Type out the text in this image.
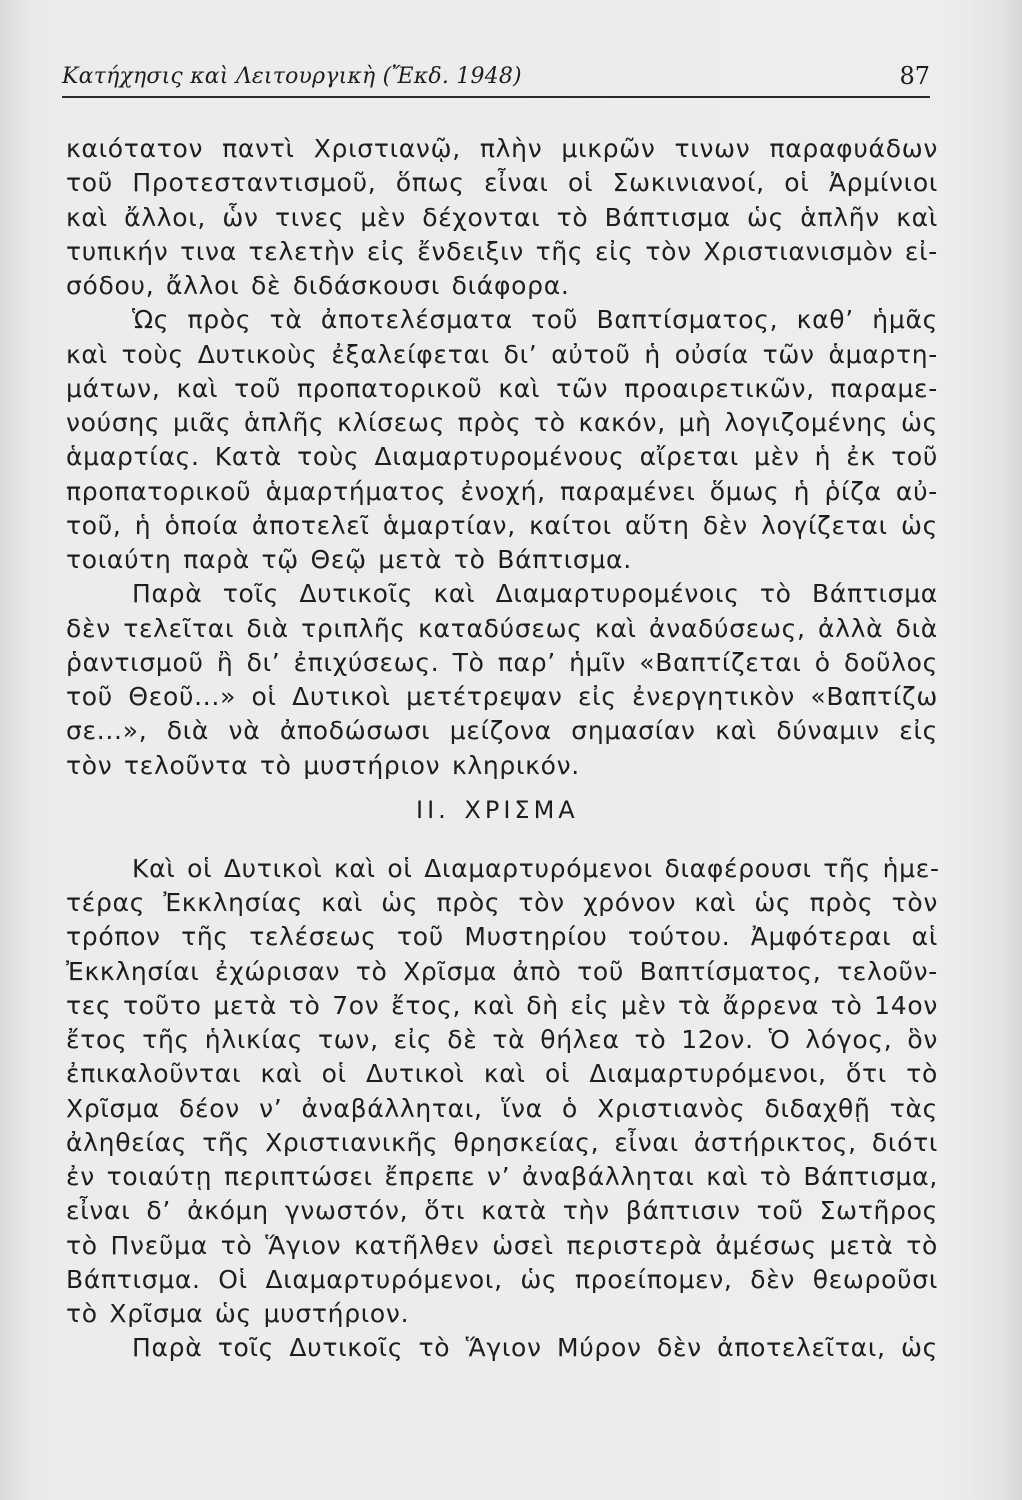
Κατήχησις καὶ Λειτουργικὴ (Ἔκδ. 1948)	87
καιότατον παντὶ Χριστιανῷ, πλὴν μικρῶν τινων παραφυάδων
τοῦ Προτεσταντισμοῦ, ὅπως εἶναι οἱ Σωκινιανοί, οἱ Ἀρμίνιοι
καὶ ἄλλοι, ὧν τινες μὲν δέχονται τὸ Βάπτισμα ὡς ἁπλῆν καὶ
τυπικήν τινα τελετὴν εἰς ἔνδειξιν τῆς εἰς τὸν Χριστιανισμὸν εἰ-
σόδου, ἄλλοι δὲ διδάσκουσι διάφορα.
Ὡς πρὸς τὰ ἀποτελέσματα τοῦ Βαπτίσματος, καθ’ ἡμᾶς
καὶ τοὺς Δυτικοὺς ἐξαλείφεται δι’ αὐτοῦ ἡ οὐσία τῶν ἁμαρτη-
μάτων, καὶ τοῦ προπατορικοῦ καὶ τῶν προαιρετικῶν, παραμε-
νούσης μιᾶς ἁπλῆς κλίσεως πρὸς τὸ κακόν, μὴ λογιζομένης ὡς
ἁμαρτίας. Κατὰ τοὺς Διαμαρτυρομένους αἴρεται μὲν ἡ ἐκ τοῦ
προπατορικοῦ ἁμαρτήματος ἐνοχή, παραμένει ὅμως ἡ ῥίζα αὐ-
τοῦ, ἡ ὁποία ἀποτελεῖ ἁμαρτίαν, καίτοι αὕτη δὲν λογίζεται ὡς
τοιαύτη παρὰ τῷ Θεῷ μετὰ τὸ Βάπτισμα.
Παρὰ τοῖς Δυτικοῖς καὶ Διαμαρτυρομένοις τὸ Βάπτισμα
δὲν τελεῖται διὰ τριπλῆς καταδύσεως καὶ ἀναδύσεως, ἀλλὰ διὰ
ῥαντισμοῦ ἢ δι’ ἐπιχύσεως. Τὸ παρ’ ἡμῖν «Βαπτίζεται ὁ δοῦλος
τοῦ Θεοῦ...» οἱ Δυτικοὶ μετέτρεψαν εἰς ἐνεργητικὸν «Βαπτίζω
σε...», διὰ νὰ ἀποδώσωσι μείζονα σημασίαν καὶ δύναμιν εἰς
τὸν τελοῦντα τὸ μυστήριον κληρικόν.
ΙΙ. ΧΡΙΣΜΑ
Καὶ οἱ Δυτικοὶ καὶ οἱ Διαμαρτυρόμενοι διαφέρουσι τῆς ἡμε-
τέρας Ἐκκλησίας καὶ ὡς πρὸς τὸν χρόνον καὶ ὡς πρὸς τὸν
τρόπον τῆς τελέσεως τοῦ Μυστηρίου τούτου. Ἀμφότεραι αἱ
Ἐκκλησίαι ἐχώρισαν τὸ Χρῖσμα ἀπὸ τοῦ Βαπτίσματος, τελοῦν-
τες τοῦτο μετὰ τὸ 7ον ἔτος, καὶ δὴ εἰς μὲν τὰ ἄρρενα τὸ 14ον
ἔτος τῆς ἡλικίας των, εἰς δὲ τὰ θήλεα τὸ 12ον. Ὁ λόγος, ὃν
ἐπικαλοῦνται καὶ οἱ Δυτικοὶ καὶ οἱ Διαμαρτυρόμενοι, ὅτι τὸ
Χρῖσμα δέον ν’ ἀναβάλληται, ἵνα ὁ Χριστιανὸς διδαχθῇ τὰς
ἀληθείας τῆς Χριστιανικῆς θρησκείας, εἶναι ἀστήρικτος, διότι
ἐν τοιαύτῃ περιπτώσει ἔπρεπε ν’ ἀναβάλληται καὶ τὸ Βάπτισμα,
εἶναι δ’ ἀκόμη γνωστόν, ὅτι κατὰ τὴν βάπτισιν τοῦ Σωτῆρος
τὸ Πνεῦμα τὸ Ἅγιον κατῆλθεν ὡσεὶ περιστερὰ ἀμέσως μετὰ τὸ
Βάπτισμα. Οἱ Διαμαρτυρόμενοι, ὡς προείπομεν, δὲν θεωροῦσι
τὸ Χρῖσμα ὡς μυστήριον.
Παρὰ τοῖς Δυτικοῖς τὸ Ἅγιον Μύρον δὲν ἀποτελεῖται, ὡς
